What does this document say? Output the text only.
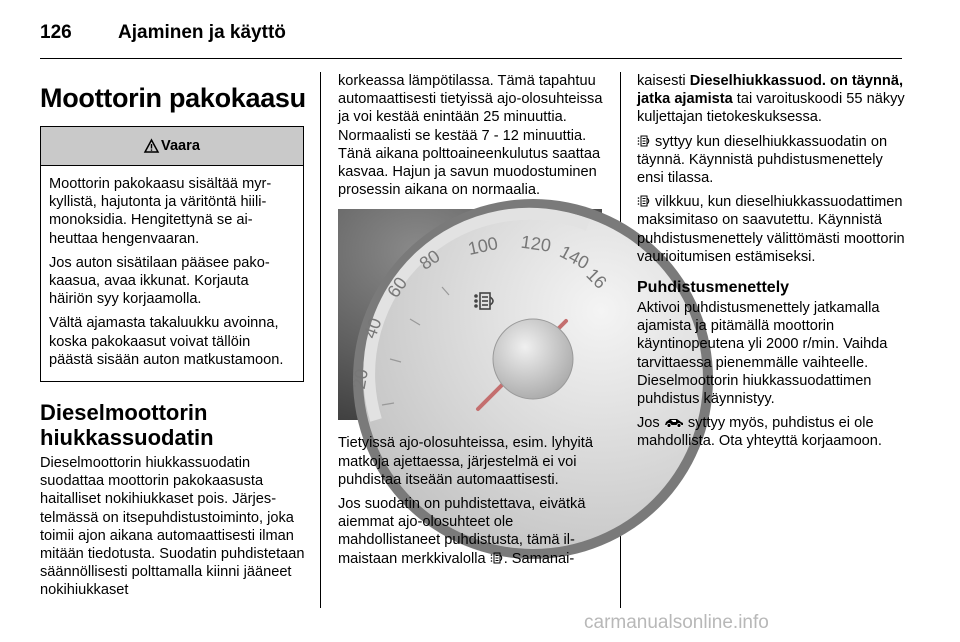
126 Ajaminen ja käyttö
Moottorin pakokaasu
Vaara

Moottorin pakokaasu sisältää myrkyllistä, hajutonta ja väritöntä hiilimonoksidia. Hengitettynä se aiheuttaa hengenvaaran.

Jos auton sisätilaan pääsee pakokaasua, avaa ikkunat. Korjauta häiriön syy korjaamolla.

Vältä ajamasta takaluukku avoinna, koska pakokaasut voivat tällöin päästä sisään auton matkustamoon.

Dieselmoottorin hiukkassuodatin

Dieselmoottorin hiukkassuodatin suodattaa moottorin pakokaasusta haitalliset nokihiukkaset pois. Järjestelmässä on itsepuhdistustoiminto, joka toimii ajon aikana automaattisesti ilman mitään tiedotusta. Suodatin puhdistetaan säännöllisesti polttamalla kiinni jääneet nokihiukkaset

korkeassa lämpötilassa. Tämä tapahtuu automaattisesti tietyissä ajo-olosuhteissa ja voi kestää enintään 25 minuuttia. Normaalisti se kestää 7 - 12 minuuttia. Tänä aikana polttoaineenkulutus saattaa kasvaa. Hajun ja savun muodostuminen prosessin aikana on normaalia.

20
40
60
80 100 120 140
16

Tietyissä ajo-olosuhteissa, esim. lyhyitä matkoja ajettaessa, järjestelmä ei voi puhdistaa itseään automaattisesti.

Jos suodatin on puhdistettava, eivätkä aiemmat ajo-olosuhteet ole mahdollistaneet puhdistusta, tämä ilmaistaan merkkivalolla . Samanai-

kaisesti Dieselhiukkassuod. on täynnä, jatka ajamista tai varoituskoodi 55 näkyy kuljettajan tietokeskuksessa.

syttyy kun dieselhiukkassuodatin on täynnä. Käynnistä puhdistusmenettely ensi tilassa.

vilkkuu, kun dieselhiukkassuodattimen maksimitaso on saavutettu. Käynnistä puhdistusmenettely välittömästi moottorin vaurioitumisen estämiseksi.

Puhdistusmenettely

Aktivoi puhdistusmenettely jatkamalla ajamista ja pitämällä moottorin käyntinopeutena yli 2000 r/min. Vaihda tarvittaessa pienemmälle vaihteelle. Dieselmoottorin hiukkassuodattimen puhdistus käynnistyy.

Jos  syttyy myös, puhdistus ei ole mahdollista. Ota yhteyttä korjaamoon.

carmanualsonline.info
